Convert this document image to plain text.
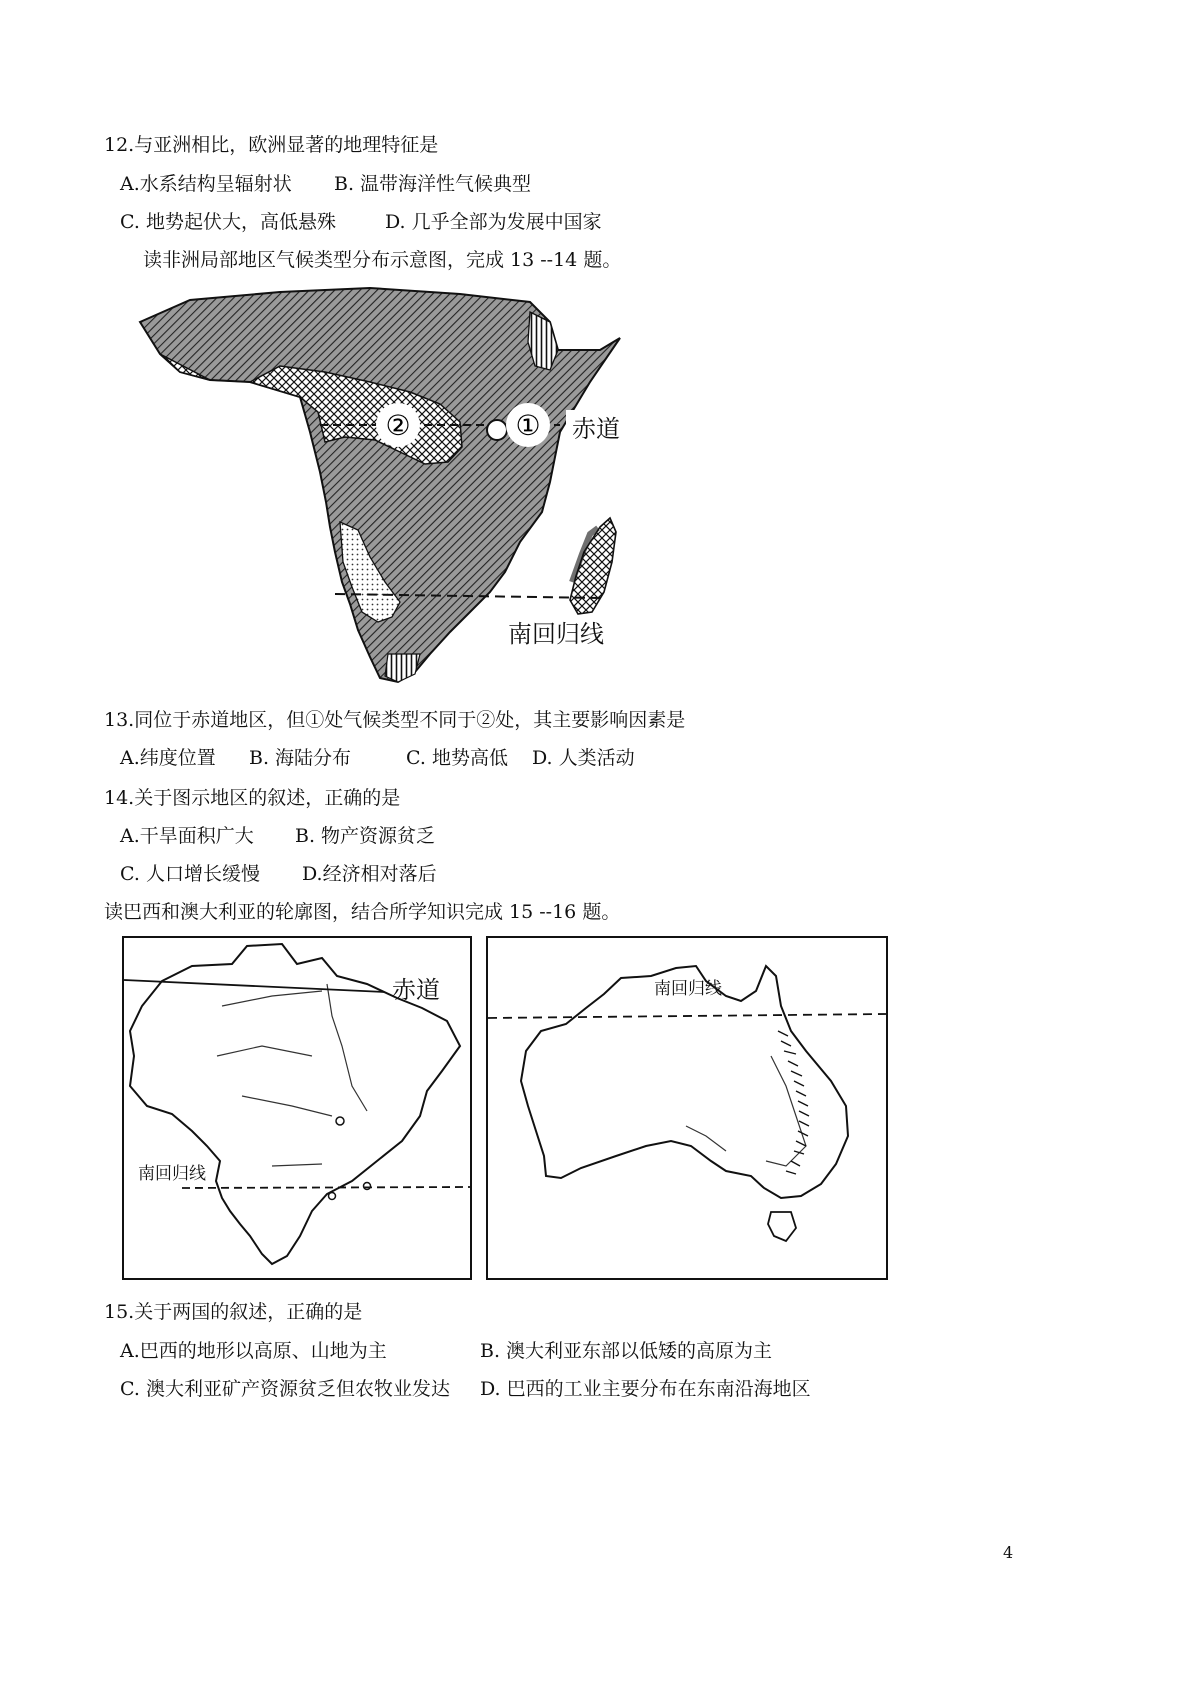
12.与亚洲相比，欧洲显著的地理特征是
A.水系结构呈辐射状 B. 温带海洋性气候典型
C. 地势起伏大，高低悬殊	D. 几乎全部为发展中国家
读非洲局部地区气候类型分布示意图，完成 13 --14 题。
②	① 赤道
南回归线
13.同位于赤道地区，但①处气候类型不同于②处，其主要影响因素是
A.纬度位置 B. 海陆分布	C. 地势高低 D. 人类活动
14.关于图示地区的叙述，正确的是
A.干旱面积广大 B. 物产资源贫乏
C. 人口增长缓慢 D.经济相对落后
读巴西和澳大利亚的轮廓图，结合所学知识完成 15 --16 题。
赤道
南回归线
南回归线
15.关于两国的叙述，正确的是
A.巴西的地形以高原、山地为主	B. 澳大利亚东部以低矮的高原为主
C. 澳大利亚矿产资源贫乏但农牧业发达 D. 巴西的工业主要分布在东南沿海地区
4
